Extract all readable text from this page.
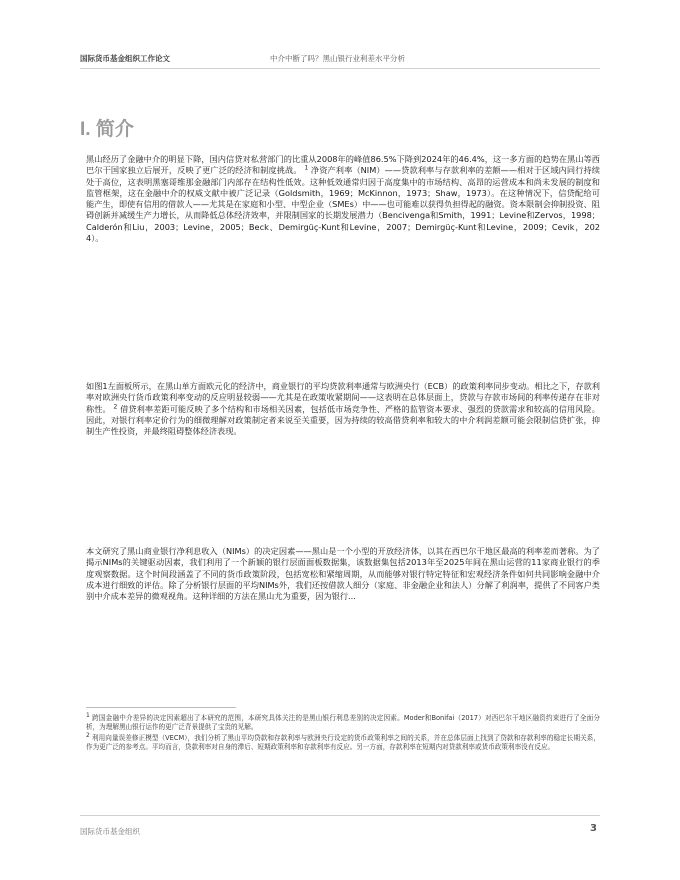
国际货币基金组织工作论文	中介中断了吗？黑山银行业利差水平分析
I. 简介
黑山经历了金融中介的明显下降，国内信贷对私营部门的比重从2008年的峰值86.5%下降到2024年的46.4%，这一多方面的趋势在黑山等西巴尔干国家独立后展开，反映了更广泛的经济和制度挑战。 $^1$ 净资产利率（NIM）——贷款利率与存款利率的差额——相对于区域内同行持续处于高位，这表明黑塞哥维那金融部门内部存在结构性低效。这种低效通常归因于高度集中的市场结构、高昂的运营成本和尚未发展的制度和监管框架，这在金融中介的权威文献中被广泛记录（Goldsmith，1969；McKinnon，1973；Shaw，1973）。在这种情况下，信贷配给可能产生，即使有信用的借款人——尤其是在家庭和小型、中型企业（SMEs）中——也可能难以获得负担得起的融资。资本限制会抑制投资、阻碍创新并减缓生产力增长，从而降低总体经济效率，并限制国家的长期发展潜力（Bencivenga和Smith，1991；Levine和Zervos，1998；Calderón和Liu，2003；Levine，2005；Beck、Demirgüç-Kunt和Levine，2007；Demirgüç-Kunt和Levine，2009；Cevik，2024）。
如图1左面板所示，在黑山单方面欧元化的经济中，商业银行的平均贷款利率通常与欧洲央行（ECB）的政策利率同步变动。相比之下，存款利率对欧洲央行货币政策利率变动的反应明显较弱——尤其是在政策收紧期间——这表明在总体层面上，贷款与存款市场间的利率传递存在非对称性。 $^2$ 借贷利率差距可能反映了多个结构和市场相关因素，包括低市场竞争性、严格的监管资本要求、强烈的贷款需求和较高的信用风险。因此，对银行利率定价行为的细微理解对政策制定者来说至关重要，因为持续的较高借贷利率和较大的中介利润差额可能会限制信贷扩张，抑制生产性投资，并最终阻碍整体经济表现。
本文研究了黑山商业银行净利息收入（NIMs）的决定因素——黑山是一个小型的开放经济体，以其在西巴尔干地区最高的利率差而著称。为了揭示NIMs的关键驱动因素，我们利用了一个新颖的银行层面面板数据集，该数据集包括2013年至2025年间在黑山运营的11家商业银行的季度观察数据。这个时间段涵盖了不同的货币政策阶段，包括宽松和紧缩周期，从而能够对银行特定特征和宏观经济条件如何共同影响金融中介成本进行细致的评估。除了分析银行层面的平均NIMs外，我们还按借款人细分（家庭、非金融企业和法人）分解了利润率，提供了不同客户类别中介成本差异的微观视角。这种详细的方法在黑山尤为重要，因为银行...
$^1$ 跨国金融中介差异的决定因素超出了本研究的范围，本研究具体关注的是黑山银行利息差别的决定因素。Moder和Bonifai（2017）对西巴尔干地区融资约束进行了全面分析，为理解黑山银行运作的更广泛背景提供了宝贵的见解。
$^2$ 利用向量误差修正模型（VECM），我们分析了黑山平均贷款和存款利率与欧洲央行设定的货币政策利率之间的关系，并在总体层面上找到了贷款和存款利率的稳定长期关系，作为更广泛的参考点。平均而言，贷款利率对自身的滞后、短期政策利率和存款利率有反应。另一方面，存款利率在短期内对贷款利率或货币政策利率没有反应。
国际货币基金组织	3
